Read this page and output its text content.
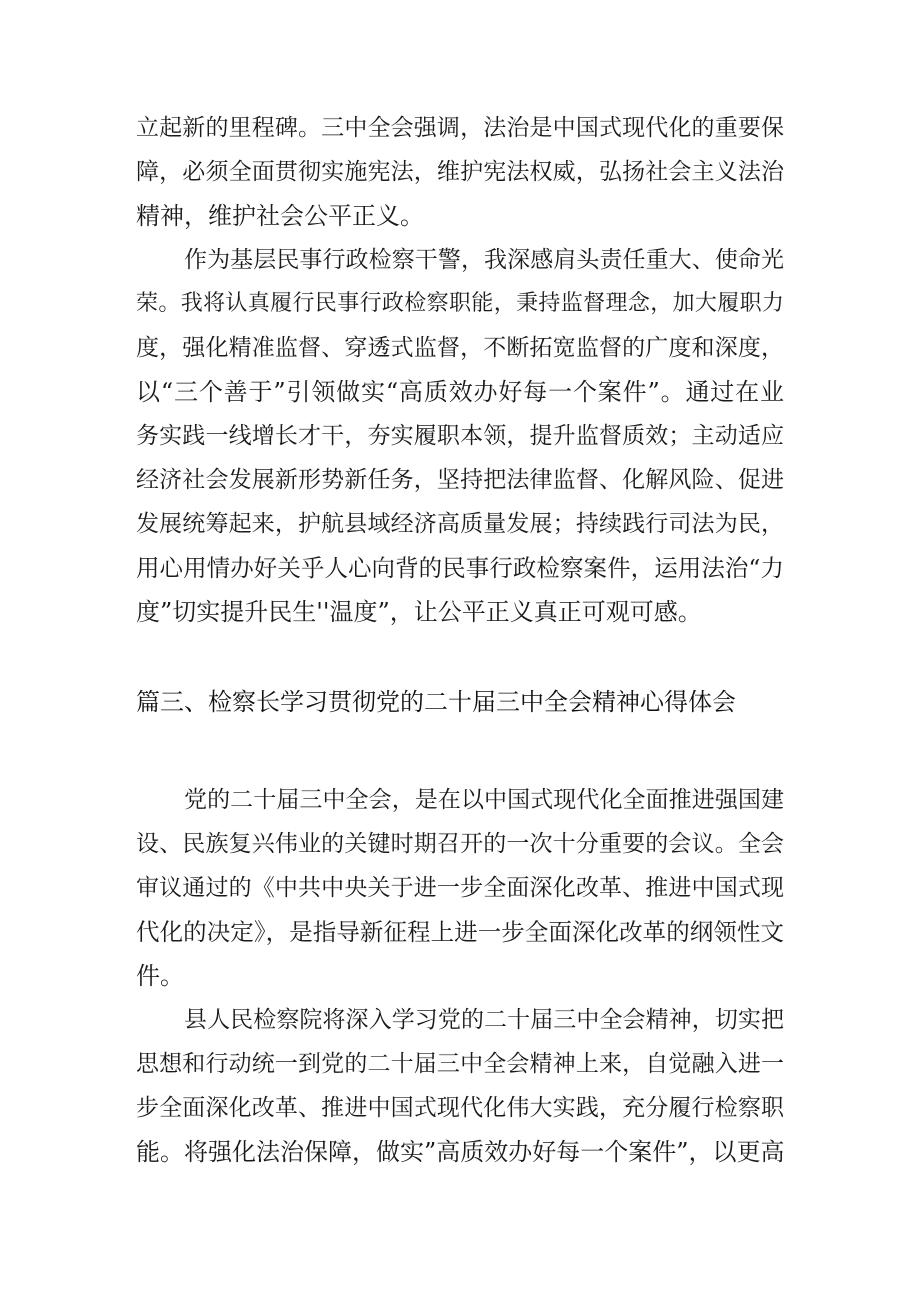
立起新的里程碑。三中全会强调，法治是中国式现代化的重要保

障，必须全面贯彻实施宪法，维护宪法权威，弘扬社会主义法治

精神，维护社会公平正义。

作为基层民事行政检察干警，我深感肩头责任重大、使命光

荣。我将认真履行民事行政检察职能，秉持监督理念，加大履职力

度，强化精准监督、穿透式监督，不断拓宽监督的广度和深度，

以“三个善于”引领做实“高质效办好每一个案件”。通过在业

务实践一线增长才干，夯实履职本领，提升监督质效；主动适应

经济社会发展新形势新任务，坚持把法律监督、化解风险、促进

发展统筹起来，护航县域经济高质量发展；持续践行司法为民，

用心用情办好关乎人心向背的民事行政检察案件，运用法治“力

度”切实提升民生''温度”，让公平正义真正可观可感。

篇三、检察长学习贯彻党的二十届三中全会精神心得体会

党的二十届三中全会，是在以中国式现代化全面推进强国建

设、民族复兴伟业的关键时期召开的一次十分重要的会议。全会

审议通过的《中共中央关于进一步全面深化改革、推进中国式现

代化的决定》，是指导新征程上进一步全面深化改革的纲领性文

件。

县人民检察院将深入学习党的二十届三中全会精神，切实把

思想和行动统一到党的二十届三中全会精神上来，自觉融入进一

步全面深化改革、推进中国式现代化伟大实践，充分履行检察职

能。将强化法治保障，做实”高质效办好每一个案件”，以更高
